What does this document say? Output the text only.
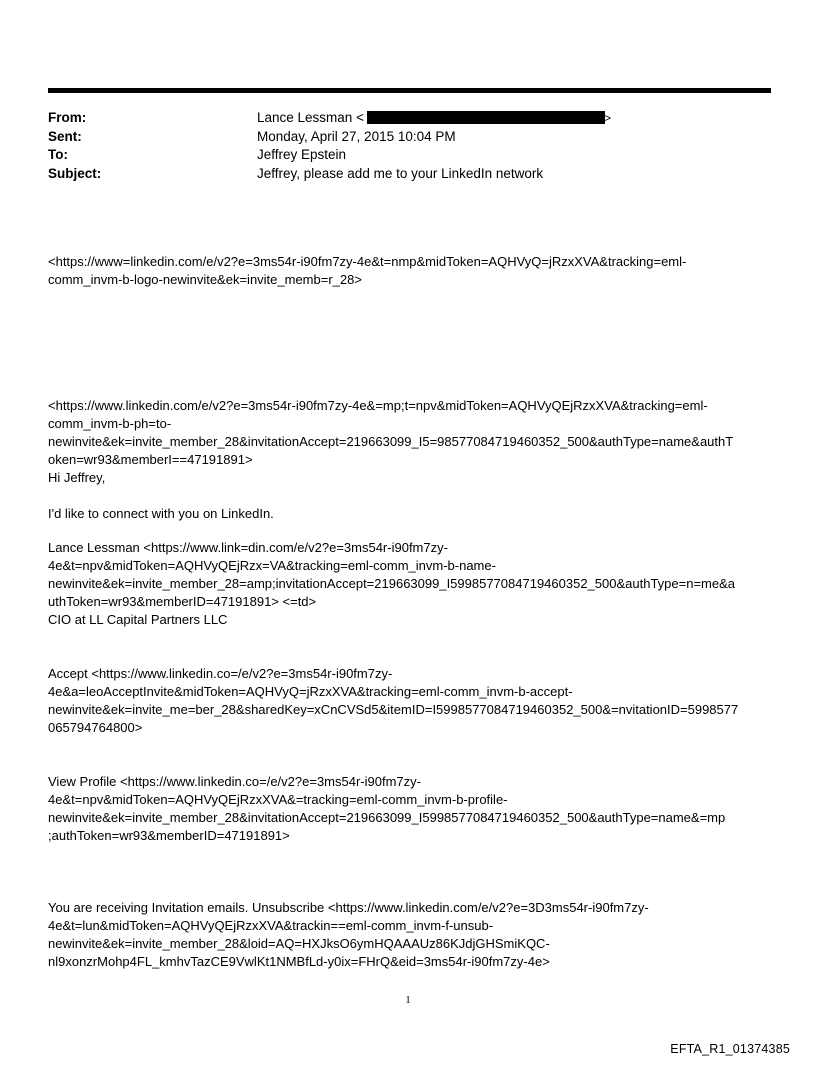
From:	Lance Lessman <	>
Sent:	Monday, April 27, 2015 10:04 PM
To:	Jeffrey Epstein
Subject:	Jeffrey, please add me to your LinkedIn network
<https://www=linkedin.com/e/v2?e=3ms54r-i90fm7zy-4e&t=nmp&midToken=AQHVyQ=jRzxXVA&tracking=eml-
comm_invm-b-logo-newinvite&ek=invite_memb=r_28>
<https://www.linkedin.com/e/v2?e=3ms54r-i90fm7zy-4e&=mp;t=npv&midToken=AQHVyQEjRzxXVA&tracking=eml-
comm_invm-b-ph=to-
newinvite&ek=invite_member_28&invitationAccept=219663099_I5=98577084719460352_500&authType=name&authT
oken=wr93&memberI==47191891>
Hi Jeffrey,
I'd like to connect with you on LinkedIn.
Lance Lessman <https://www.link=din.com/e/v2?e=3ms54r-i90fm7zy-
4e&t=npv&midToken=AQHVyQEjRzx=VA&tracking=eml-comm_invm-b-name-
newinvite&ek=invite_member_28=amp;invitationAccept=219663099_I5998577084719460352_500&authType=n=me&a
uthToken=wr93&memberID=47191891> <=td>
CIO at LL Capital Partners LLC
Accept <https://www.linkedin.co=/e/v2?e=3ms54r-i90fm7zy-
4e&a=leoAcceptInvite&midToken=AQHVyQ=jRzxXVA&tracking=eml-comm_invm-b-accept-
newinvite&ek=invite_me=ber_28&sharedKey=xCnCVSd5&itemID=I5998577084719460352_500&=nvitationID=5998577
065794764800>
View Profile <https://www.linkedin.co=/e/v2?e=3ms54r-i90fm7zy-
4e&t=npv&midToken=AQHVyQEjRzxXVA&=tracking=eml-comm_invm-b-profile-
newinvite&ek=invite_member_28&invitationAccept=219663099_I5998577084719460352_500&authType=name&=mp
;authToken=wr93&memberID=47191891>
You are receiving Invitation emails. Unsubscribe <https://www.linkedin.com/e/v2?e=3D3ms54r-i90fm7zy-
4e&t=lun&midToken=AQHVyQEjRzxXVA&trackin==eml-comm_invm-f-unsub-
newinvite&ek=invite_member_28&loid=AQ=HXJksO6ymHQAAAUz86KJdjGHSmiKQC-
nl9xonzrMohp4FL_kmhvTazCE9VwlKt1NMBfLd-y0ix=FHrQ&eid=3ms54r-i90fm7zy-4e>
1
EFTA_R1_01374385
